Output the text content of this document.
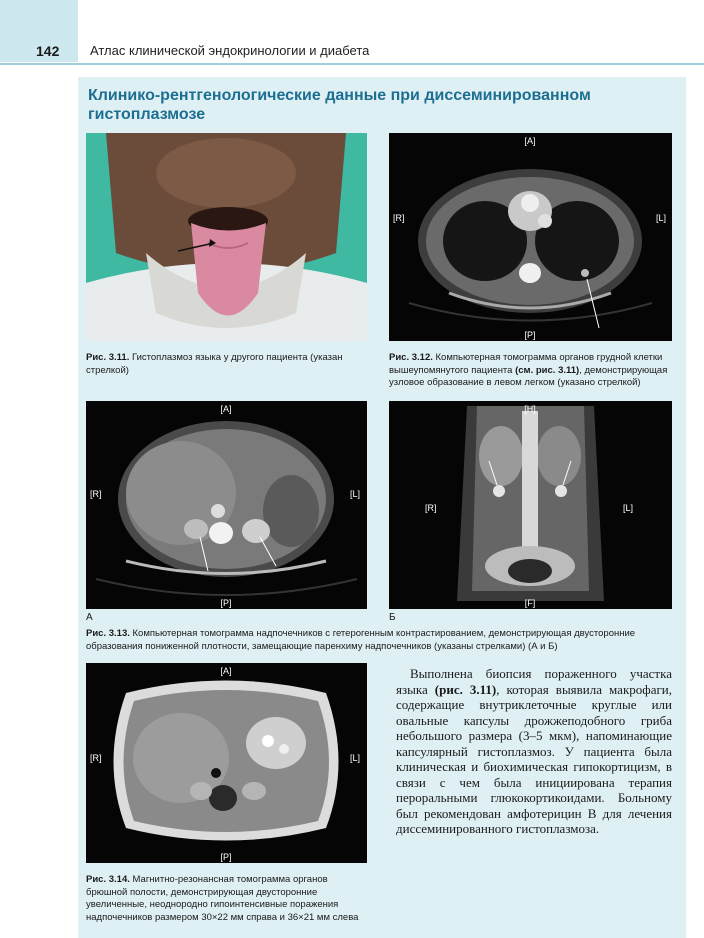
142 Атлас клинической эндокринологии и диабета
Клинико-рентгенологические данные при диссеминированном гистоплазмозе
[A]
[P]
[R]	[L]
Рис. 3.11. Гистоплазмоз языка у другого пациента (указан стрелкой)
Рис. 3.12. Компьютерная томограмма органов грудной клетки вышеупомянутого пациента (см. рис. 3.11), демонстрирующая узловое образование в левом легком (указано стрелкой)
[A]
[P]
[R]	[L]
[H]
[F]
[R]	[L]
А	Б
Рис. 3.13. Компьютерная томограмма надпочечников с гетерогенным контрастированием, демонстрирующая двусторонние образования пониженной плотности, замещающие паренхиму надпочечников (указаны стрелками) (А и Б)
[A]
[P]
[R]	[L]
Рис. 3.14. Магнитно-резонансная томограмма органов брюшной полости, демонстрирующая двусторонние увеличенные, неоднородно гипоинтенсивные поражения надпочечников размером 30×22 мм справа и 36×21 мм слева

Выполнена биопсия пораженного участка языка (рис. 3.11), которая выявила макрофаги, содержащие внутриклеточные круглые или овальные капсулы дрожжеподобного гриба небольшого размера (3–5 мкм), напоминающие капсулярный гистоплазмоз. У пациента была клиническая и биохимическая гипокортицизм, в связи с чем была инициирована терапия пероральными глюкокортикоидами. Больному был рекомендован амфотерицин В для лечения диссеминированного гистоплазмоза.
